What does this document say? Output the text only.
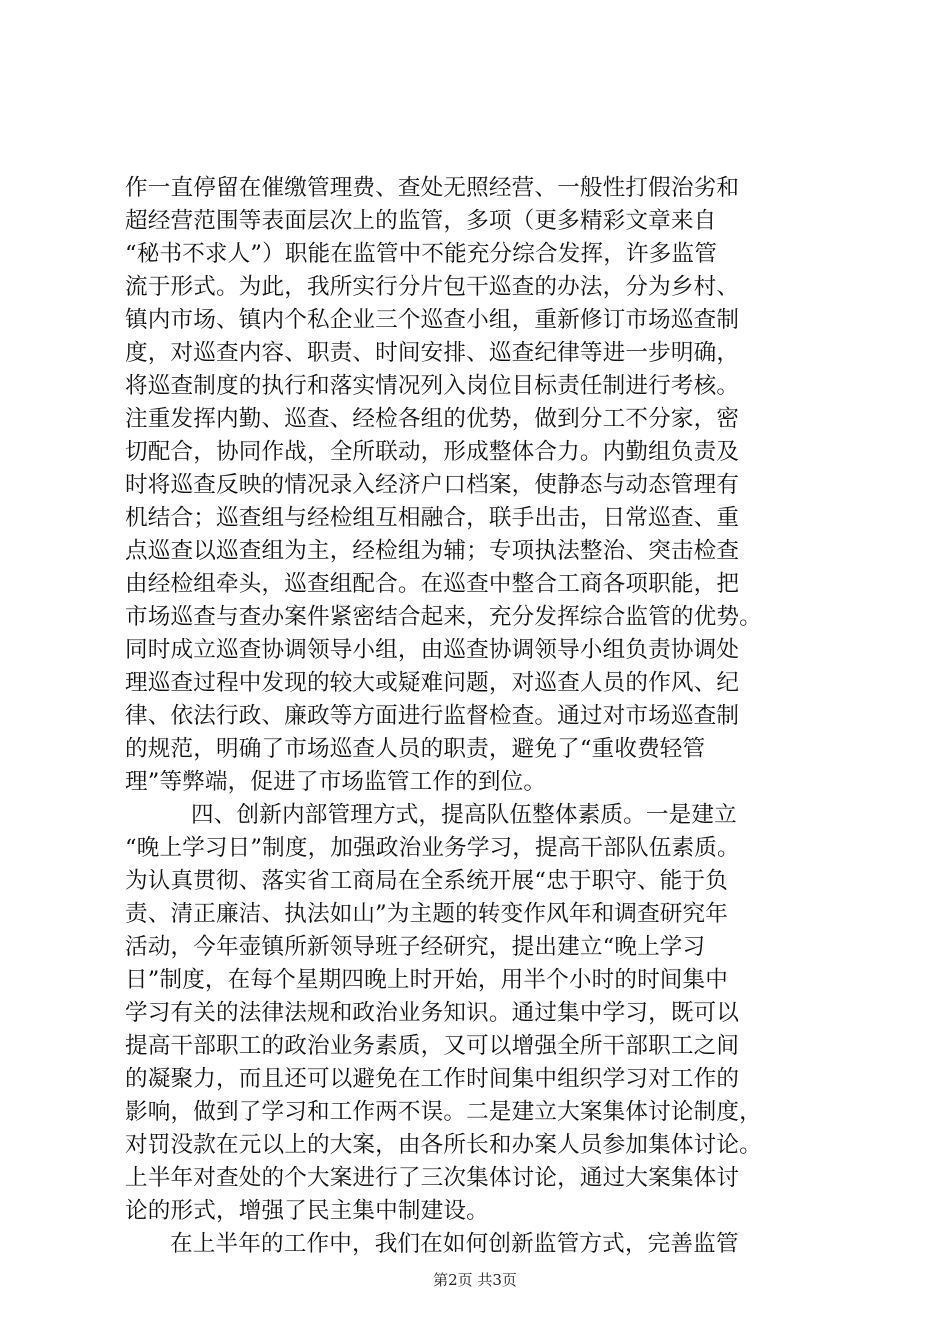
作一直停留在催缴管理费、查处无照经营、一般性打假治劣和
超经营范围等表面层次上的监管，多项（更多精彩文章来自
“秘书不求人”）职能在监管中不能充分综合发挥，许多监管
流于形式。为此，我所实行分片包干巡查的办法，分为乡村、
镇内市场、镇内个私企业三个巡查小组，重新修订市场巡查制
度，对巡查内容、职责、时间安排、巡查纪律等进一步明确，
将巡查制度的执行和落实情况列入岗位目标责任制进行考核。
注重发挥内勤、巡查、经检各组的优势，做到分工不分家，密
切配合，协同作战，全所联动，形成整体合力。内勤组负责及
时将巡查反映的情况录入经济户口档案，使静态与动态管理有
机结合；巡查组与经检组互相融合，联手出击，日常巡查、重
点巡查以巡查组为主，经检组为辅；专项执法整治、突击检查
由经检组牵头，巡查组配合。在巡查中整合工商各项职能，把
市场巡查与查办案件紧密结合起来，充分发挥综合监管的优势。
同时成立巡查协调领导小组，由巡查协调领导小组负责协调处
理巡查过程中发现的较大或疑难问题，对巡查人员的作风、纪
律、依法行政、廉政等方面进行监督检查。通过对市场巡查制
的规范，明确了市场巡查人员的职责，避免了“重收费轻管
理”等弊端，促进了市场监管工作的到位。
四、创新内部管理方式，提高队伍整体素质。一是建立
“晚上学习日”制度，加强政治业务学习，提高干部队伍素质。
为认真贯彻、落实省工商局在全系统开展“忠于职守、能于负
责、清正廉洁、执法如山”为主题的转变作风年和调查研究年
活动，今年壶镇所新领导班子经研究，提出建立“晚上学习
日”制度，在每个星期四晚上时开始，用半个小时的时间集中
学习有关的法律法规和政治业务知识。通过集中学习，既可以
提高干部职工的政治业务素质，又可以增强全所干部职工之间
的凝聚力，而且还可以避免在工作时间集中组织学习对工作的
影响，做到了学习和工作两不误。二是建立大案集体讨论制度，
对罚没款在元以上的大案，由各所长和办案人员参加集体讨论。
上半年对查处的个大案进行了三次集体讨论，通过大案集体讨
论的形式，增强了民主集中制建设。
在上半年的工作中，我们在如何创新监管方式，完善监管
第2页 共3页
